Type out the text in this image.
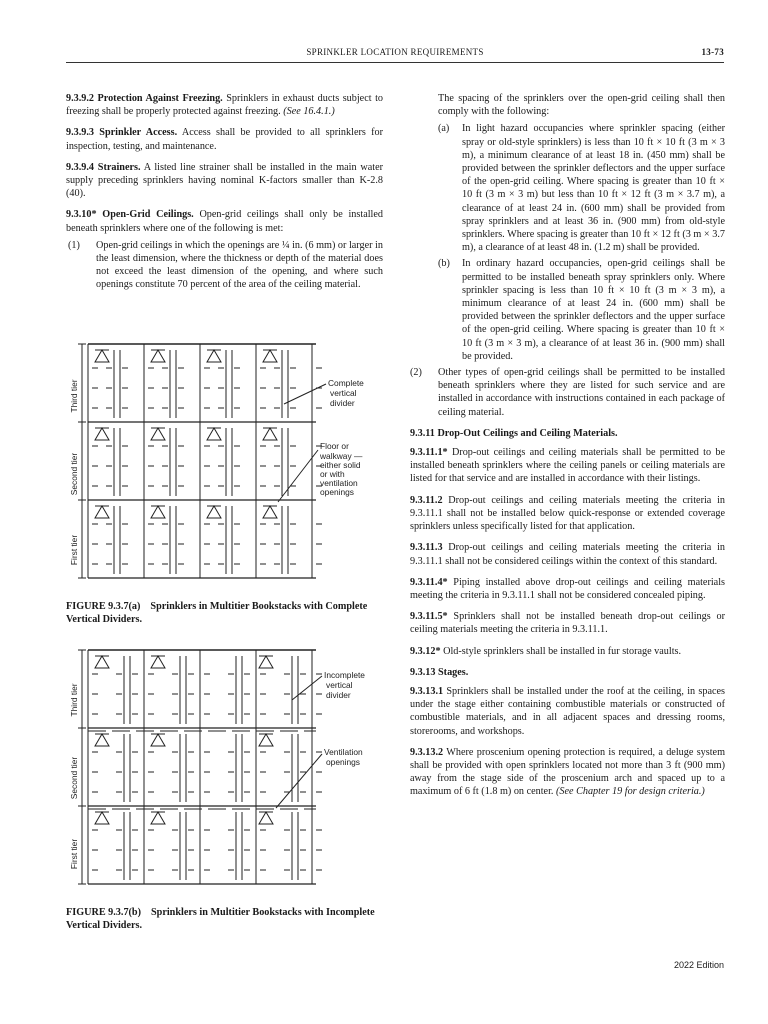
SPRINKLER LOCATION REQUIREMENTS	13-73

9.3.9.2 Protection Against Freezing. Sprinklers in exhaust ducts subject to freezing shall be properly protected against freezing. (See 16.4.1.)

9.3.9.3 Sprinkler Access. Access shall be provided to all sprinklers for inspection, testing, and maintenance.

9.3.9.4 Strainers. A listed line strainer shall be installed in the main water supply preceding sprinklers having nominal K-factors smaller than K-2.8 (40).

9.3.10* Open-Grid Ceilings. Open-grid ceilings shall only be installed beneath sprinklers where one of the following is met:

(1)	Open-grid ceilings in which the openings are ¼ in. (6 mm) or larger in the least dimension, where the thickness or depth of the material does not exceed the least dimension of the opening, and where such openings constitute 70 percent of the area of the ceiling material.
Third tier
Second tier
First tier
Complete
vertical
divider
Floor or
walkway —
either solid
or with
ventilation
openings
FIGURE 9.3.7(a) Sprinklers in Multitier Bookstacks with Complete Vertical Dividers.
Third tier
Second tier
First tier
Incomplete
vertical
divider
Ventilation
openings
FIGURE 9.3.7(b) Sprinklers in Multitier Bookstacks with Incomplete Vertical Dividers.

The spacing of the sprinklers over the open-grid ceiling shall then comply with the following:

(a)	In light hazard occupancies where sprinkler spacing (either spray or old-style sprinklers) is less than 10 ft × 10 ft (3 m × 3 m), a minimum clearance of at least 18 in. (450 mm) shall be provided between the sprinkler deflectors and the upper surface of the open-grid ceiling. Where spacing is greater than 10 ft × 10 ft (3 m × 3 m) but less than 10 ft × 12 ft (3 m × 3.7 m), a clearance of at least 24 in. (600 mm) shall be provided from spray sprinklers and at least 36 in. (900 mm) from old-style sprinklers. Where spacing is greater than 10 ft × 12 ft (3 m × 3.7 m), a clearance of at least 48 in. (1.2 m) shall be provided.
(b)	In ordinary hazard occupancies, open-grid ceilings shall be permitted to be installed beneath spray sprinklers only. Where sprinkler spacing is less than 10 ft × 10 ft (3 m × 3 m), a minimum clearance of at least 24 in. (600 mm) shall be provided between the sprinkler deflectors and the upper surface of the open-grid ceiling. Where spacing is greater than 10 ft × 10 ft (3 m × 3 m), a clearance of at least 36 in. (900 mm) shall be provided.
(2)	Other types of open-grid ceilings shall be permitted to be installed beneath sprinklers where they are listed for such service and are installed in accordance with instructions contained in each package of ceiling material.
9.3.11 Drop-Out Ceilings and Ceiling Materials.

9.3.11.1* Drop-out ceilings and ceiling materials shall be permitted to be installed beneath sprinklers where the ceiling panels or ceiling materials are listed for that service and are installed in accordance with their listings.

9.3.11.2 Drop-out ceilings and ceiling materials meeting the criteria in 9.3.11.1 shall not be installed below quick-response or extended coverage sprinklers unless specifically listed for that application.

9.3.11.3 Drop-out ceilings and ceiling materials meeting the criteria in 9.3.11.1 shall not be considered ceilings within the context of this standard.

9.3.11.4* Piping installed above drop-out ceilings and ceiling materials meeting the criteria in 9.3.11.1 shall not be considered concealed piping.

9.3.11.5* Sprinklers shall not be installed beneath drop-out ceilings or ceiling materials meeting the criteria in 9.3.11.1.

9.3.12* Old-style sprinklers shall be installed in fur storage vaults.

9.3.13 Stages.

9.3.13.1 Sprinklers shall be installed under the roof at the ceiling, in spaces under the stage either containing combustible materials or constructed of combustible materials, and in all adjacent spaces and dressing rooms, storerooms, and workshops.

9.3.13.2 Where proscenium opening protection is required, a deluge system shall be provided with open sprinklers located not more than 3 ft (900 mm) away from the stage side of the proscenium arch and spaced up to a maximum of 6 ft (1.8 m) on center. (See Chapter 19 for design criteria.)

2022 Edition
